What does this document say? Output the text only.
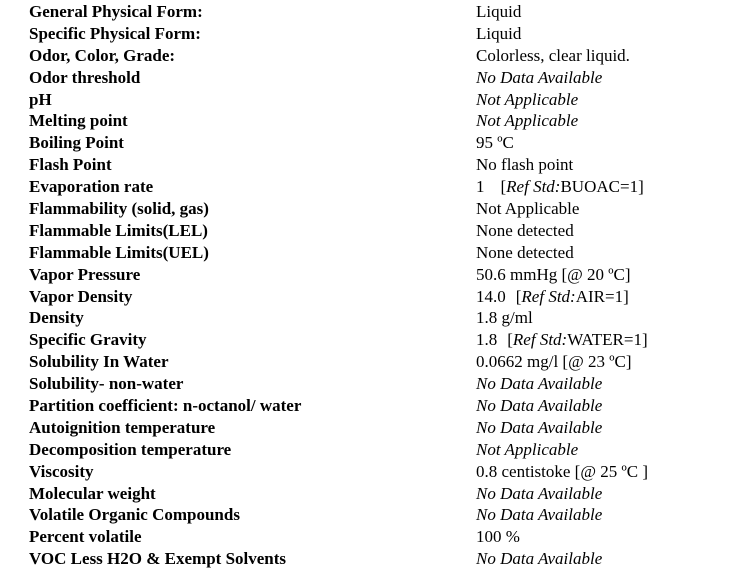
General Physical Form:	Liquid
Specific Physical Form:	Liquid
Odor, Color, Grade:	Colorless, clear liquid.
Odor threshold	No Data Available
pH	Not Applicable
Melting point	Not Applicable
Boiling Point	95 ºC
Flash Point	No flash point
Evaporation rate	1 [Ref Std:BUOAC=1]
Flammability (solid, gas)	Not Applicable
Flammable Limits(LEL)	None detected
Flammable Limits(UEL)	None detected
Vapor Pressure	50.6 mmHg [@ 20 ºC]
Vapor Density	14.0 [Ref Std:AIR=1]
Density	1.8 g/ml
Specific Gravity	1.8 [Ref Std:WATER=1]
Solubility In Water	0.0662 mg/l [@ 23 ºC]
Solubility- non-water	No Data Available
Partition coefficient: n-octanol/ water	No Data Available
Autoignition temperature	No Data Available
Decomposition temperature	Not Applicable
Viscosity	0.8 centistoke [@ 25 ºC ]
Molecular weight	No Data Available
Volatile Organic Compounds	No Data Available
Percent volatile	100 %
VOC Less H2O & Exempt Solvents	No Data Available
